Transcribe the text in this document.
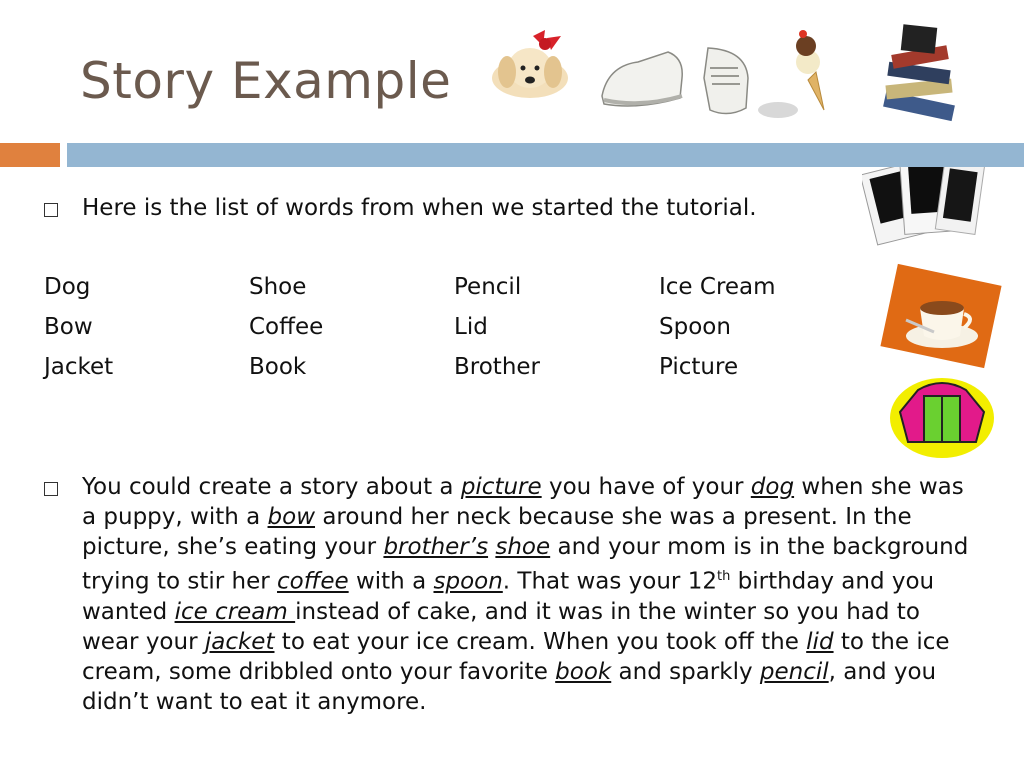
Story Example
Here is the list of words from when we started the tutorial.
Dog	Shoe	Pencil	Ice Cream
Bow	Coffee	Lid	Spoon
Jacket	Book	Brother	Picture
You could create a story about a picture you have of your dog when she was a puppy, with a bow around her neck because she was a present. In the picture, she’s eating your brother’s shoe and your mom is in the background trying to stir her coffee with a spoon. That was your 12th birthday and you wanted ice cream instead of cake, and it was in the winter so you had to wear your jacket to eat your ice cream. When you took off the lid to the ice cream, some dribbled onto your favorite book and sparkly pencil, and you didn’t want to eat it anymore.
